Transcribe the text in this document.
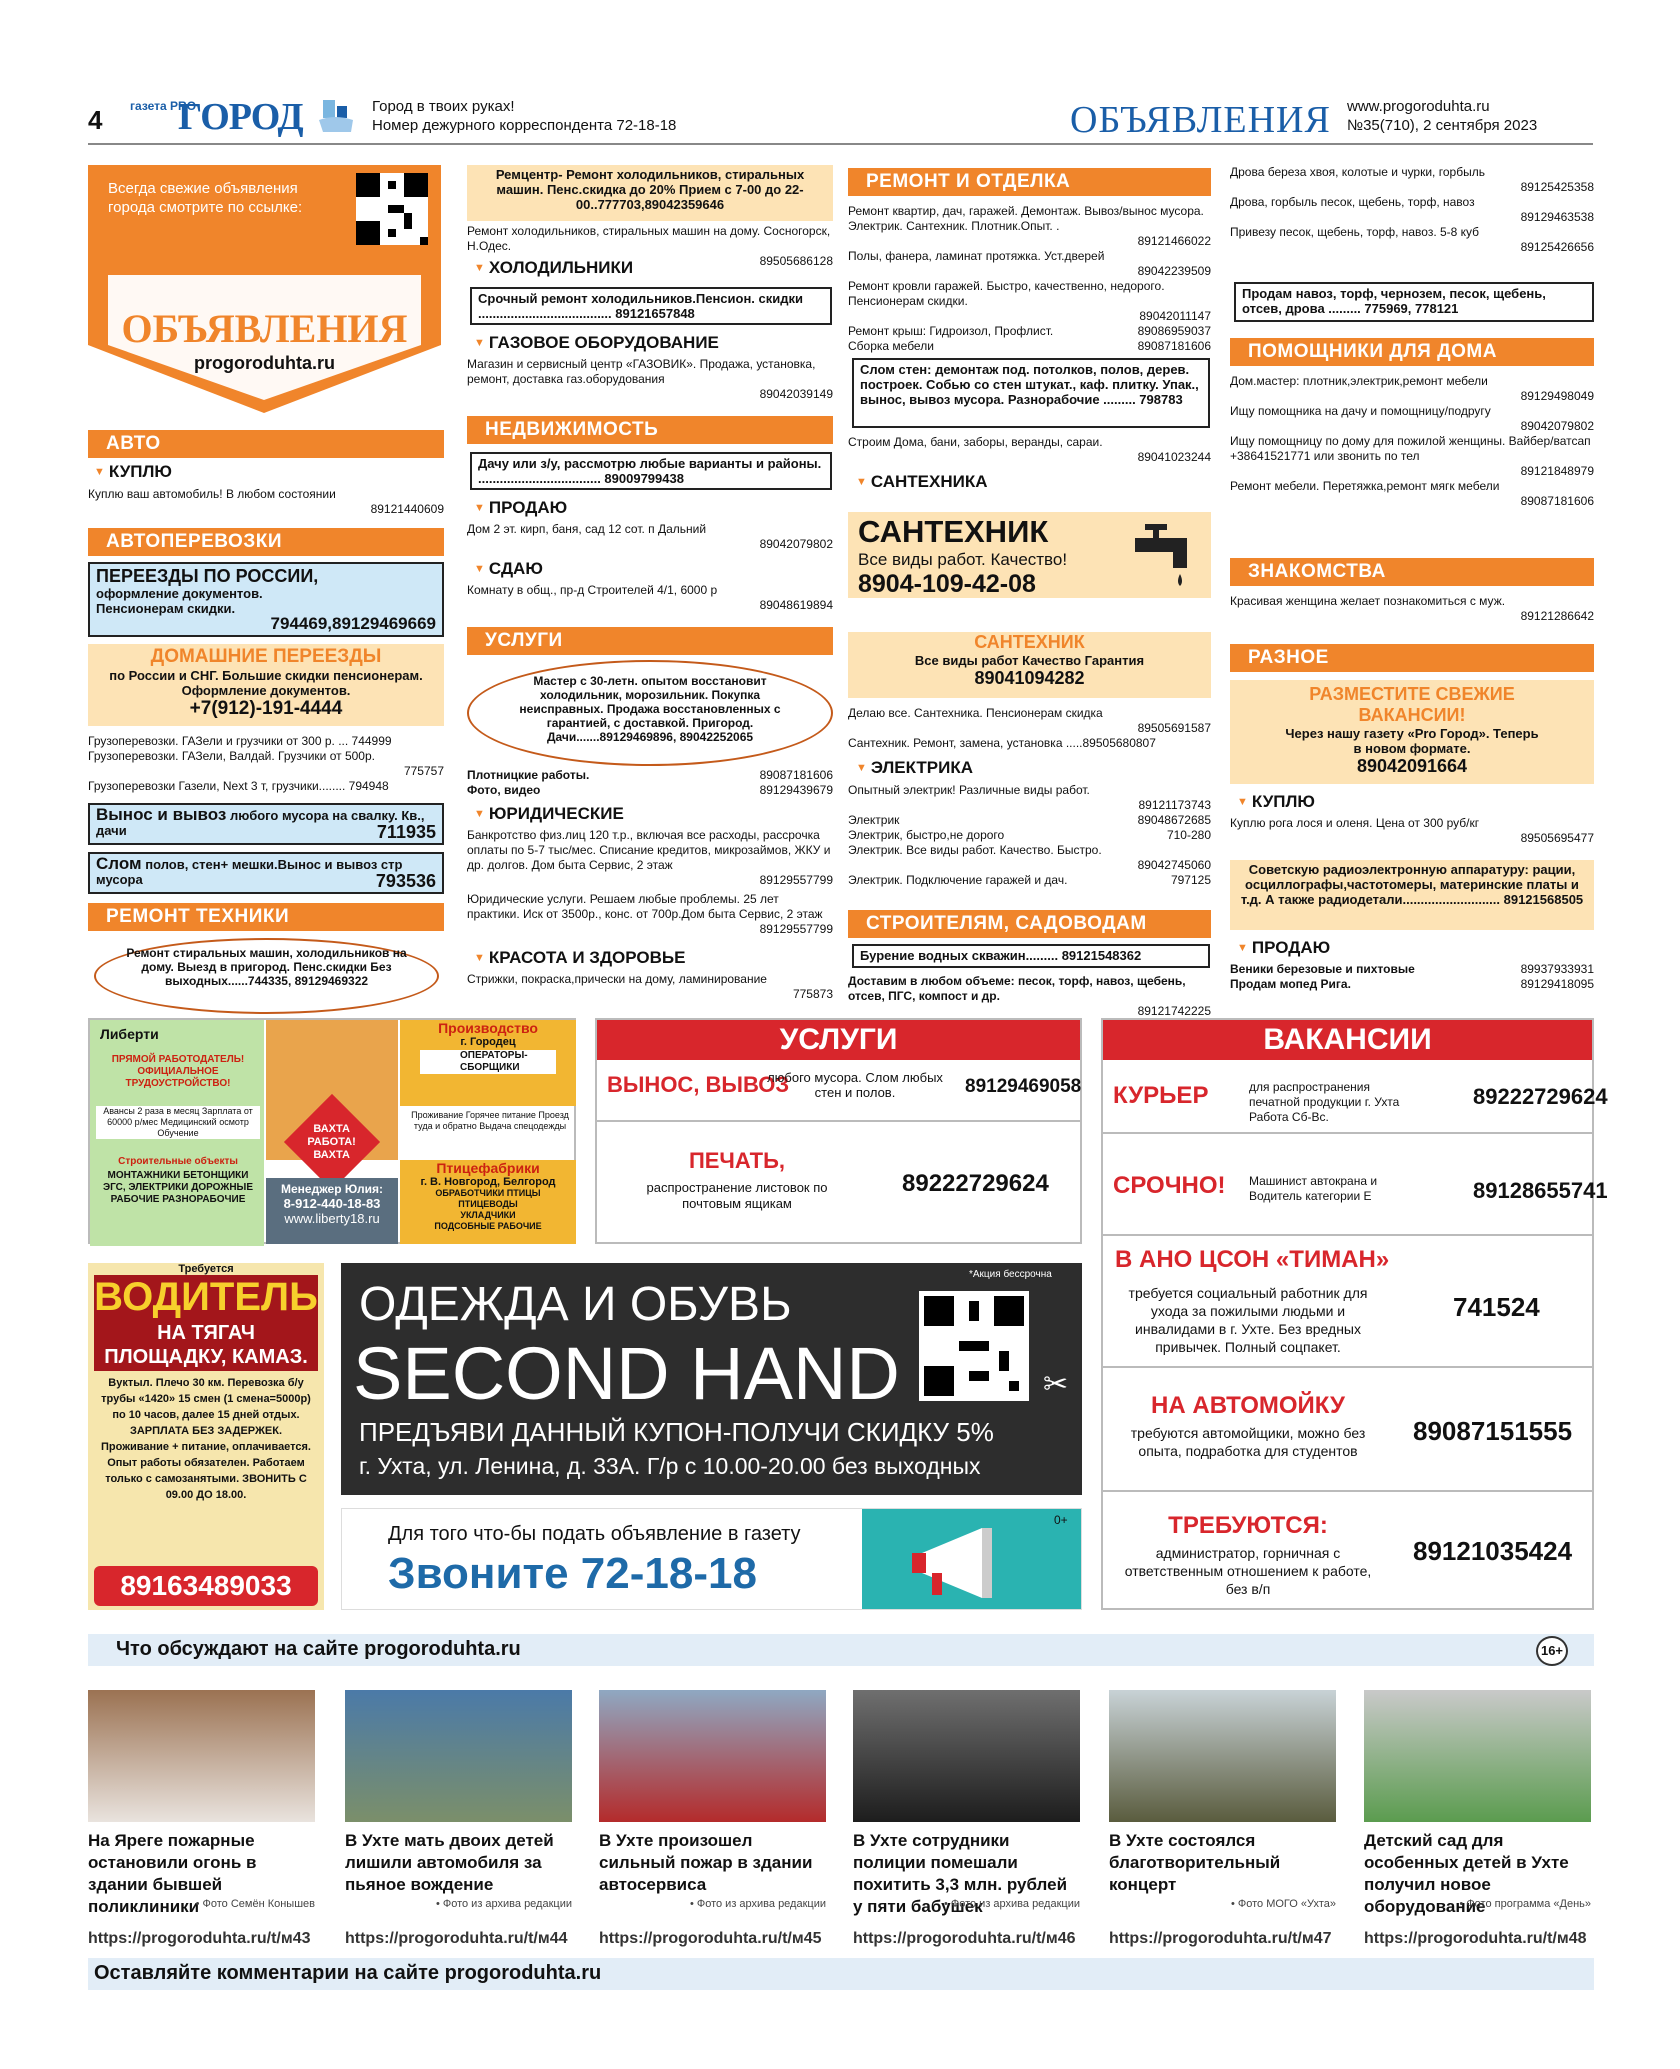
4 газета PRO
ГОРОД	Город в твоих руках!
Номер дежурного корреспондента 72-18-18	ОБЪЯВЛЕНИЯ www.progoroduhta.ru
№35(710), 2 сентября 2023
Всегда свежие объявления города смотрите по ссылке:
ОБЪЯВЛЕНИЯ
progoroduhta.ru
АВТО
▼ КУПЛЮ
Куплю ваш автомобиль! В любом состоянии
89121440609
АВТОПЕРЕВОЗКИ
ПЕРЕЕЗДЫ ПО РОССИИ,
оформление документов. Пенсионерам скидки.
794469,89129469669
ДОМАШНИЕ ПЕРЕЕЗДЫ
по России и СНГ. Большие скидки пенсионерам. Оформление документов.
+7(912)-191-4444
Грузоперевозки. ГАЗели и грузчики от 300 р. ... 744999
Грузоперевозки. ГАЗели, Валдай. Грузчики от 500р.
775757
Грузоперевозки Газели, Next 3 т, грузчики........ 794948
Вынос и вывоз любого мусора на свалку. Кв., дачи	711935
Слом полов, стен+ мешки.Вынос и вывоз стр мусора	793536
РЕМОНТ ТЕХНИКИ
Ремонт стиральных машин, холодильников на дому. Выезд в пригород. Пенс.скидки Без выходных......744335, 89129469322
Ремцентр- Ремонт холодильников, стиральных машин. Пенс.скидка до 20% Прием с 7-00 до 22-00..777703,89042359646
Ремонт холодильников, стиральных машин на дому. Сосногорск, Н.Одес.
89505686128
▼ ХОЛОДИЛЬНИКИ
Срочный ремонт холодильников.Пенсион. скидки ..................................... 89121657848
▼ ГАЗОВОЕ ОБОРУДОВАНИЕ
Магазин и сервисный центр «ГАЗОВИК». Продажа, установка, ремонт, доставка газ.оборудования
89042039149
НЕДВИЖИМОСТЬ
Дачу или з/у, рассмотрю любые варианты и районы. .................................. 89009799438
▼ ПРОДАЮ
Дом 2 эт. кирп, баня, сад 12 сот. п Дальний
89042079802
▼ СДАЮ
Комнату в общ., пр-д Строителей 4/1, 6000 р
89048619894
УСЛУГИ
Мастер с 30-летн. опытом восстановит холодильник, морозильник. Покупка неисправных. Продажа восстановленных с гарантией, с доставкой. Пригород. Дачи.......89129469896, 89042252065
Плотницкие работы.	89087181606
Фото, видео	89129439679
▼ ЮРИДИЧЕСКИЕ
Банкротство физ.лиц 120 т.р., включая все расходы, рассрочка оплаты по 5-7 тыс/мес. Списание кредитов, микрозаймов, ЖКУ и др. долгов. Дом быта Сервис, 2 этаж
89129557799
Юридические услуги. Решаем любые проблемы. 25 лет практики. Иск от 3500р., конс. от 700р.Дом быта Сервис, 2 этаж
89129557799
▼ КРАСОТА И ЗДОРОВЬЕ
Стрижки, покраска,прически на дому, ламинирование
775873
РЕМОНТ И ОТДЕЛКА
Ремонт квартир, дач, гаражей. Демонтаж. Вывоз/вынос мусора. Электрик. Сантехник. Плотник.Опыт. .
89121466022
Полы, фанера, ламинат протяжка. Уст.дверей
89042239509
Ремонт кровли гаражей. Быстро, качественно, недорого. Пенсионерам скидки.
89042011147
Ремонт крыш: Гидроизол, Профлист.	89086959037
Сборка мебели	89087181606
Слом стен: демонтаж под. потолков, полов, дерев. построек. Собью со стен штукат., каф. плитку. Упак., вынос, вывоз мусора. Разнорабочие ......... 798783
Строим Дома, бани, заборы, веранды, сараи.
89041023244
▼ САНТЕХНИКА
САНТЕХНИК
Все виды работ. Качество!
8904-109-42-08
САНТЕХНИК
Все виды работ Качество Гарантия
89041094282
Делаю все. Сантехника. Пенсионерам скидка
89505691587
Сантехник. Ремонт, замена, установка .....89505680807
▼ ЭЛЕКТРИКА
Опытный электрик! Различные виды работ.
89121173743
Электрик	89048672685
Электрик, быстро,не дорого	710-280
Электрик. Все виды работ. Качество. Быстро.
89042745060
Электрик. Подключение гаражей и дач.	797125
СТРОИТЕЛЯМ, САДОВОДАМ
Бурение водных скважин......... 89121548362
Доставим в любом объеме: песок, торф, навоз, щебень, отсев, ПГС, компост и др.
89121742225
Дрова береза хвоя, колотые и чурки, горбыль
89125425358
Дрова, горбыль песок, щебень, торф, навоз
89129463538
Привезу песок, щебень, торф, навоз. 5-8 куб
89125426656
Продам навоз, торф, чернозем, песок, щебень, отсев, дрова ......... 775969, 778121
ПОМОЩНИКИ ДЛЯ ДОМА
Дом.мастер: плотник,электрик,ремонт мебели
89129498049
Ищу помощника на дачу и помощницу/подругу
89042079802
Ищу помощницу по дому для пожилой женщины. Вайбер/ватсап +38641521771 или звонить по тел
89121848979
Ремонт мебели. Перетяжка,ремонт мягк мебели
89087181606
ЗНАКОМСТВА
Красивая женщина желает познакомиться с муж.
89121286642
РАЗНОЕ
РАЗМЕСТИТЕ СВЕЖИЕ ВАКАНСИИ!
Через нашу газету «Pro Город». Теперь в новом формате.
89042091664
▼ КУПЛЮ
Куплю рога лося и оленя. Цена от 300 руб/кг
89505695477
Советскую радиоэлектронную аппаратуру: рации, осциллографы,частотомеры, материнские платы и т.д. А также радиодетали........................... 89121568505
▼ ПРОДАЮ
Веники березовые и пихтовые	89937933931
Продам мопед Рига.	89129418095
Либерти
ПРЯМОЙ РАБОТОДАТЕЛЬ! ОФИЦИАЛЬНОЕ ТРУДОУСТРОЙСТВО!
Авансы 2 раза в месяц Зарплата от 60000 р/мес Медицинский осмотр Обучение
Строительные объекты
МОНТАЖНИКИ БЕТОНЩИКИ ЭГС, ЭЛЕКТРИКИ ДОРОЖНЫЕ РАБОЧИЕ РАЗНОРАБОЧИЕ
ВАХТА РАБОТА! ВАХТА
Производство
г. Городец
ОПЕРАТОРЫ-СБОРЩИКИ
Проживание Горячее питание Проезд туда и обратно Выдача спецодежды
Птицефабрики
г. В. Новгород, Белгород
ОБРАБОТЧИКИ ПТИЦЫ ПТИЦЕВОДЫ УКЛАДЧИКИ ПОДСОБНЫЕ РАБОЧИЕ
Менеджер Юлия:
8-912-440-18-83
www.liberty18.ru
УСЛУГИ
ВЫНОС, ВЫВОЗ
любого мусора. Слом любых стен и полов.	89129469058
ПЕЧАТЬ,
распространение листовок по почтовым ящикам
89222729624
ВАКАНСИИ
КУРЬЕР	для распространения печатной продукции г. Ухта Работа Сб-Вс.
89222729624
СРОЧНО! Машинист автокрана и Водитель категории Е	89128655741
В АНО ЦСОН «ТИМАН»
требуется социальный работник для ухода за пожилыми людьми и инвалидами в г. Ухте. Без вредных привычек. Полный соцпакет.
741524
НА АВТОМОЙКУ
требуются автомойщики, можно без опыта, подработка для студентов
89087151555
ТРЕБУЮТСЯ:
администратор, горничная с ответственным отношением к работе, без в/п
89121035424
Требуется
ВОДИТЕЛЬ
НА ТЯГАЧ ПЛОЩАДКУ, КАМАЗ.
Вуктыл. Плечо 30 км. Перевозка б/у трубы «1420» 15 смен (1 смена=5000р) по 10 часов, далее 15 дней отдых. ЗАРПЛАТА БЕЗ ЗАДЕРЖЕК. Проживание + питание, оплачивается. Опыт работы обязателен. Работаем только с самозанятыми. ЗВОНИТЬ С 09.00 ДО 18.00.
89163489033
*Акция бессрочна
ОДЕЖДА И ОБУВЬ
SECOND HAND
ПРЕДЪЯВИ ДАННЫЙ КУПОН-ПОЛУЧИ СКИДКУ 5%
г. Ухта, ул. Ленина, д. 33А. Г/р с 10.00-20.00 без выходных
✂
Для того что-бы подать объявление в газету
Звоните 72-18-18
0+
Что обсуждают на сайте progoroduhta.ru	16+
На Яреге пожарные остановили огонь в здании бывшей поликлиники
В Ухте мать двоих детей лишили автомобиля за пьяное вождение
В Ухте произошел сильный пожар в здании автосервиса
В Ухте сотрудники полиции помешали похитить 3,3 млн. рублей у пяти бабушек
В Ухте состоялся благотворительный концерт
Детский сад для особенных детей в Ухте получил новое оборудование
• Фото Семён Конышев	• Фото из архива редакции	• Фото из архива редакции	• Фото из архива редакции	• Фото МОГО «Ухта»	• Фото программа «День»
https://progoroduhta.ru/t/м43 https://progoroduhta.ru/t/м44 https://progoroduhta.ru/t/м45 https://progoroduhta.ru/t/м46 https://progoroduhta.ru/t/м47 https://progoroduhta.ru/t/м48
Оставляйте комментарии на сайте progoroduhta.ru
